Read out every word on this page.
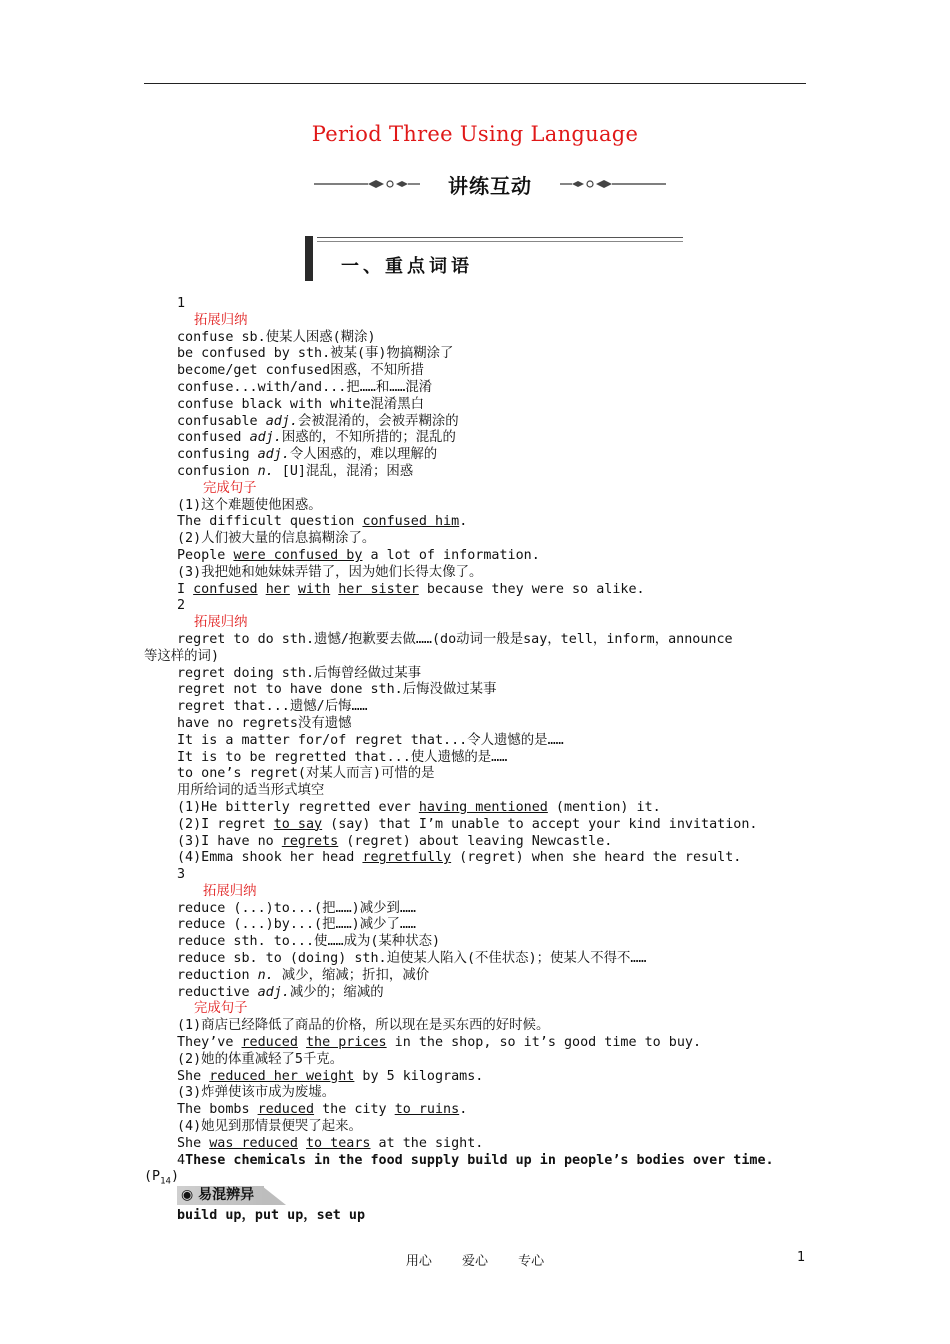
Period Three Using Language
讲练互动
一、重点词语
1
拓展归纳
confuse sb.使某人困惑(糊涂)
be confused by sth.被某(事)物搞糊涂了
become/get confused困惑，不知所措
confuse...with/and...把……和……混淆
confuse black with white混淆黑白
confusable adj.会被混淆的，会被弄糊涂的
confused adj.困惑的，不知所措的；混乱的
confusing adj.令人困惑的，难以理解的
confusion n. [U]混乱，混淆；困惑
完成句子
(1)这个难题使他困惑。
The difficult question confused him.
(2)人们被大量的信息搞糊涂了。
People were confused by a lot of information.
(3)我把她和她妹妹弄错了，因为她们长得太像了。
I confused her with her sister because they were so alike.
2
拓展归纳
regret to do sth.遗憾/抱歉要去做……(do动词一般是say，tell，inform，announce
等这样的词)
regret doing sth.后悔曾经做过某事
regret not to have done sth.后悔没做过某事
regret that...遗憾/后悔……
have no regrets没有遗憾
It is a matter for/of regret that...令人遗憾的是……
It is to be regretted that...使人遗憾的是……
to one’s regret(对某人而言)可惜的是
用所给词的适当形式填空
(1)He bitterly regretted ever having mentioned (mention) it.
(2)I regret to say (say) that I’m unable to accept your kind invitation.
(3)I have no regrets (regret) about leaving Newcastle.
(4)Emma shook her head regretfully (regret) when she heard the result.
3
拓展归纳
reduce (...)to...(把……)减少到……
reduce (...)by...(把……)减少了……
reduce sth. to...使……成为(某种状态)
reduce sb. to (doing) sth.迫使某人陷入(不佳状态)；使某人不得不……
reduction n. 减少，缩减；折扣，减价
reductive adj.减少的；缩减的
完成句子
(1)商店已经降低了商品的价格，所以现在是买东西的好时候。
They’ve reduced the prices in the shop, so it’s good time to buy.
(2)她的体重减轻了5千克。
She reduced her weight by 5 kilograms.
(3)炸弹使该市成为废墟。
The bombs reduced the city to ruins.
(4)她见到那情景便哭了起来。
She was reduced to tears at the sight.
4These chemicals in the food supply build up in people’s bodies over time.
$(P_{14})$
◉ 易混辨异
build up，put up，set up
用心 爱心 专心	1
